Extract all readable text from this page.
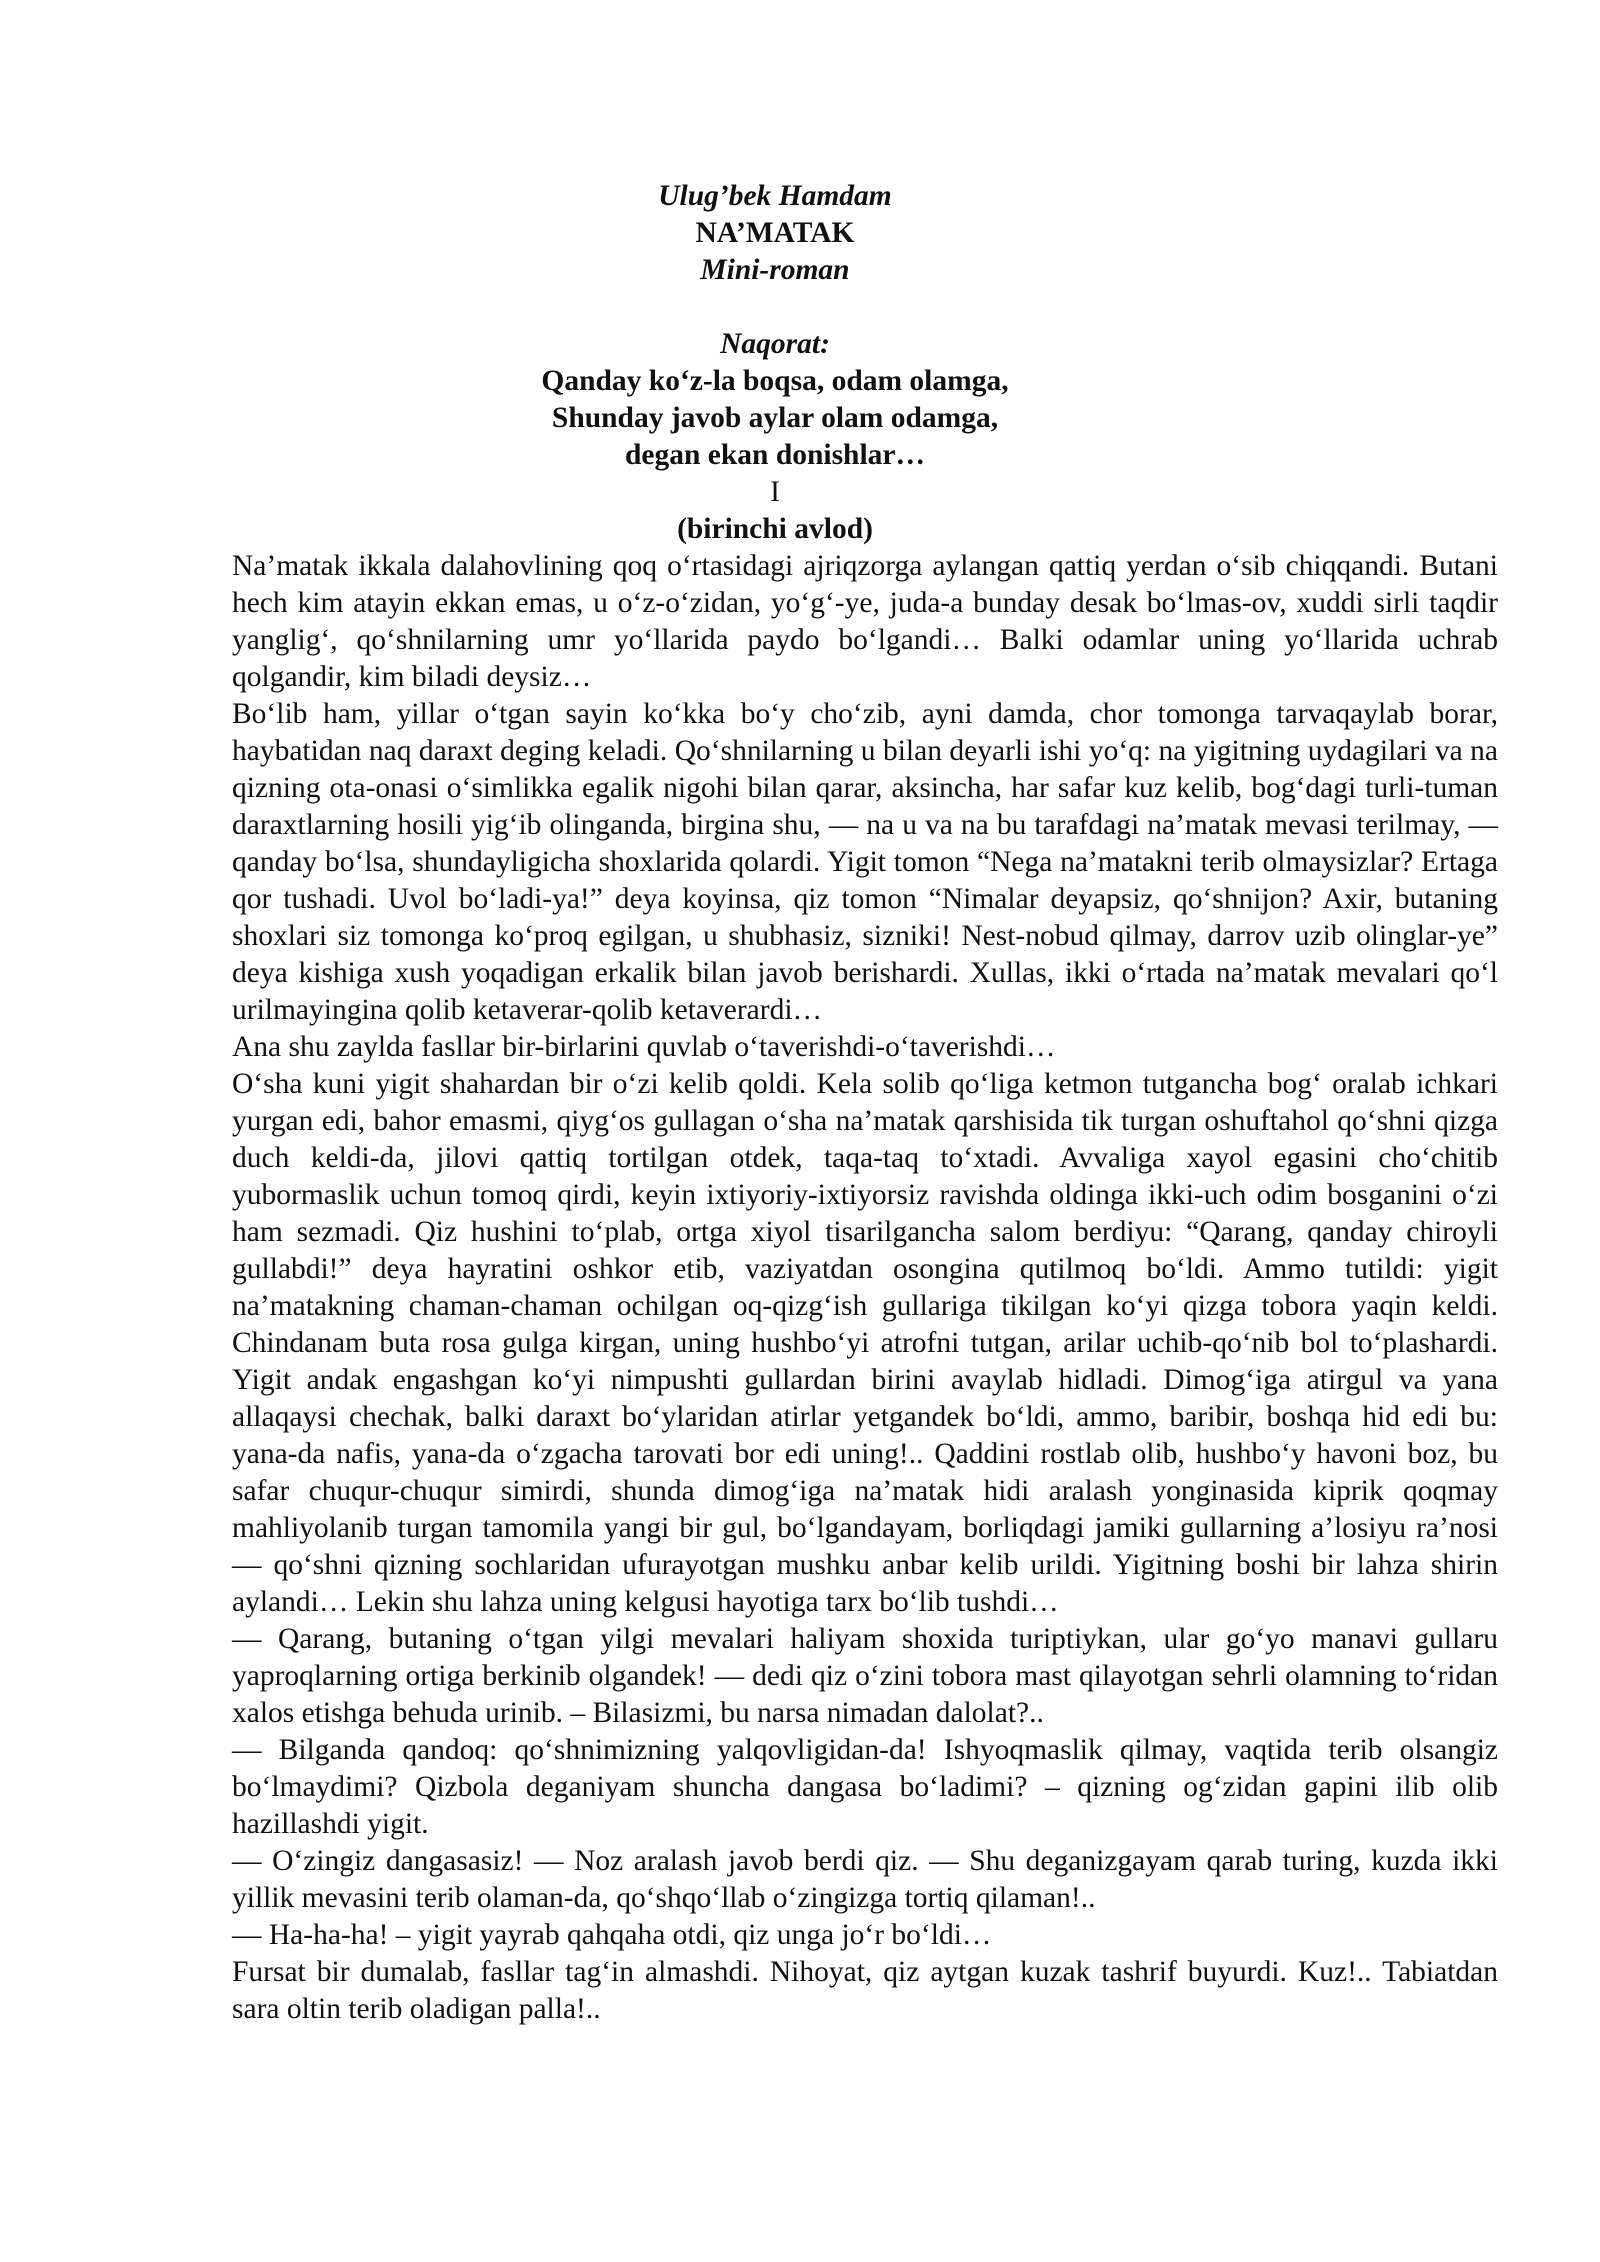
Ulug’bek Hamdam
NA’MATAK
Mini-roman
Naqorat:
Qanday ko‘z-la boqsa, odam olamga,
Shunday javob aylar olam odamga,
degan ekan donishlar…
I
(birinchi avlod)

Na’matak ikkala dalahovlining qoq o‘rtasidagi ajriqzorga aylangan qattiq yerdan o‘sib chiqqandi. Butani hech kim atayin ekkan emas, u o‘z-o‘zidan, yo‘g‘-ye, juda-a bunday desak bo‘lmas-ov, xuddi sirli taqdir yanglig‘, qo‘shnilarning umr yo‘llarida paydo bo‘lgandi… Balki odamlar uning yo‘llarida uchrab qolgandir, kim biladi deysiz…

Bo‘lib ham, yillar o‘tgan sayin ko‘kka bo‘y cho‘zib, ayni damda, chor tomonga tarvaqaylab borar, haybatidan naq daraxt deging keladi. Qo‘shnilarning u bilan deyarli ishi yo‘q: na yigitning uydagilari va na qizning ota-onasi o‘simlikka egalik nigohi bilan qarar, aksincha, har safar kuz kelib, bog‘dagi turli-tuman daraxtlarning hosili yig‘ib olinganda, birgina shu, — na u va na bu tarafdagi na’matak mevasi terilmay, — qanday bo‘lsa, shundayligicha shoxlarida qolardi. Yigit tomon “Nega na’matakni terib olmaysizlar? Ertaga qor tushadi. Uvol bo‘ladi-ya!” deya koyinsa, qiz tomon “Nimalar deyapsiz, qo‘shnijon? Axir, butaning shoxlari siz tomonga ko‘proq egilgan, u shubhasiz, sizniki! Nest-nobud qilmay, darrov uzib olinglar-ye” deya kishiga xush yoqadigan erkalik bilan javob berishardi. Xullas, ikki o‘rtada na’matak mevalari qo‘l urilmayingina qolib ketaverar-qolib ketaverardi…

Ana shu zaylda fasllar bir-birlarini quvlab o‘taverishdi-o‘taverishdi…

O‘sha kuni yigit shahardan bir o‘zi kelib qoldi. Kela solib qo‘liga ketmon tutgancha bog‘ oralab ichkari yurgan edi, bahor emasmi, qiyg‘os gullagan o‘sha na’matak qarshisida tik turgan oshuftahol qo‘shni qizga duch keldi-da, jilovi qattiq tortilgan otdek, taqa-taq to‘xtadi. Avvaliga xayol egasini cho‘chitib yubormaslik uchun tomoq qirdi, keyin ixtiyoriy-ixtiyorsiz ravishda oldinga ikki-uch odim bosganini o‘zi ham sezmadi. Qiz hushini to‘plab, ortga xiyol tisarilgancha salom berdiyu: “Qarang, qanday chiroyli gullabdi!” deya hayratini oshkor etib, vaziyatdan osongina qutilmoq bo‘ldi. Ammo tutildi: yigit na’matakning chaman-chaman ochilgan oq-qizg‘ish gullariga tikilgan ko‘yi qizga tobora yaqin keldi. Chindanam buta rosa gulga kirgan, uning hushbo‘yi atrofni tutgan, arilar uchib-qo‘nib bol to‘plashardi. Yigit andak engashgan ko‘yi nimpushti gullardan birini avaylab hidladi. Dimog‘iga atirgul va yana allaqaysi chechak, balki daraxt bo‘ylaridan atirlar yetgandek bo‘ldi, ammo, baribir, boshqa hid edi bu: yana-da nafis, yana-da o‘zgacha tarovati bor edi uning!.. Qaddini rostlab olib, hushbo‘y havoni boz, bu safar chuqur-chuqur simirdi, shunda dimog‘iga na’matak hidi aralash yonginasida kiprik qoqmay mahliyolanib turgan tamomila yangi bir gul, bo‘lgandayam, borliqdagi jamiki gullarning a’losiyu ra’nosi — qo‘shni qizning sochlaridan ufurayotgan mushku anbar kelib urildi. Yigitning boshi bir lahza shirin aylandi… Lekin shu lahza uning kelgusi hayotiga tarx bo‘lib tushdi…

— Qarang, butaning o‘tgan yilgi mevalari haliyam shoxida turiptiykan, ular go‘yo manavi gullaru yaproqlarning ortiga berkinib olgandek! — dedi qiz o‘zini tobora mast qilayotgan sehrli olamning to‘ridan xalos etishga behuda urinib. – Bilasizmi, bu narsa nimadan dalolat?..

— Bilganda qandoq: qo‘shnimizning yalqovligidan-da! Ishyoqmaslik qilmay, vaqtida terib olsangiz bo‘lmaydimi? Qizbola deganiyam shuncha dangasa bo‘ladimi? – qizning og‘zidan gapini ilib olib hazillashdi yigit.

— O‘zingiz dangasasiz! — Noz aralash javob berdi qiz. — Shu deganizgayam qarab turing, kuzda ikki yillik mevasini terib olaman-da, qo‘shqo‘llab o‘zingizga tortiq qilaman!..

— Ha-ha-ha! – yigit yayrab qahqaha otdi, qiz unga jo‘r bo‘ldi…

Fursat bir dumalab, fasllar tag‘in almashdi. Nihoyat, qiz aytgan kuzak tashrif buyurdi. Kuz!.. Tabiatdan sara oltin terib oladigan palla!..
